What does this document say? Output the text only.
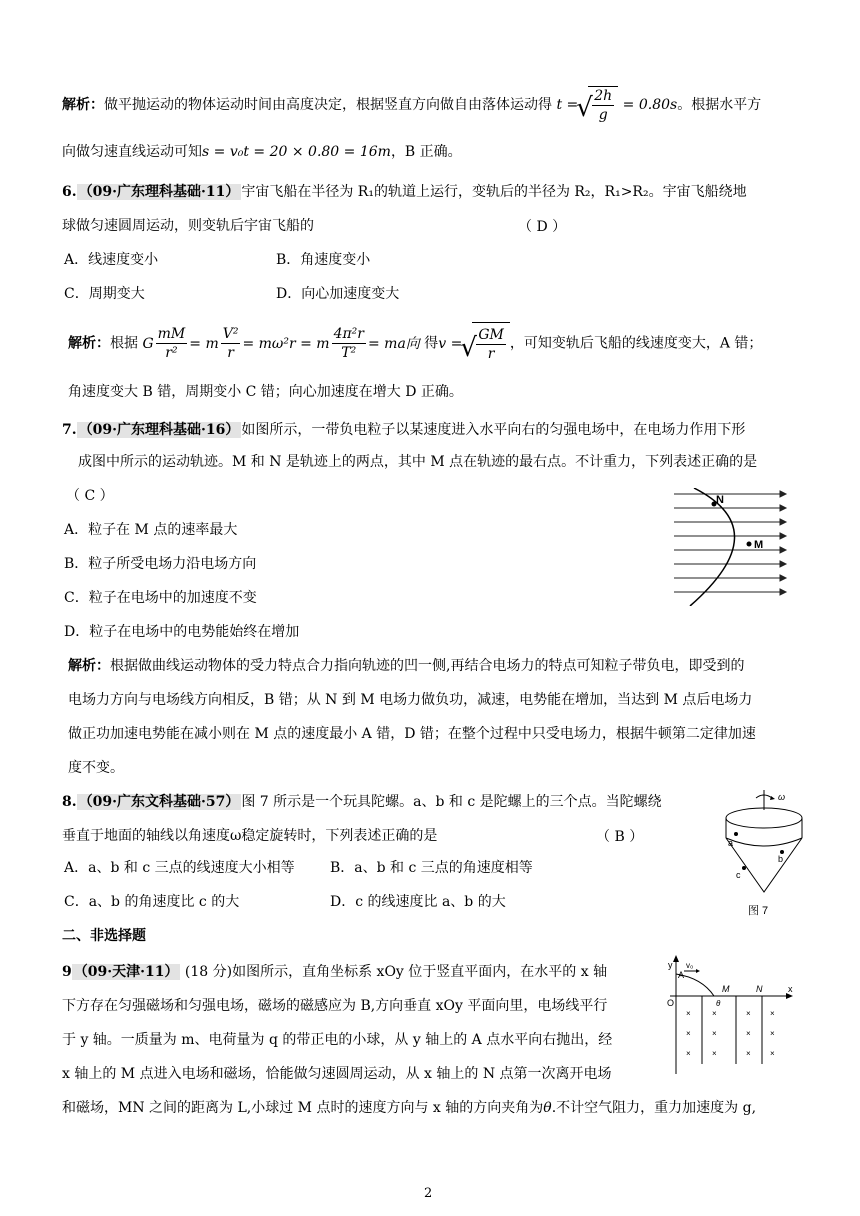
解析：做平抛运动的物体运动时间由高度决定，根据竖直方向做自由落体运动得 t = √ $\frac{2h}{g} = 0.80s$。根据水平方
向做匀速直线运动可知s = v₀t = 20 × 0.80 = 16m，B 正确。
6. （09·广东理科基础·11） 宇宙飞船在半径为 R₁的轨道上运行，变轨后的半径为 R₂，R₁>R₂。宇宙飞船绕地
球做匀速圆周运动，则变轨后宇宙飞船的	（ D ）
A．线速度变小	B．角速度变小
C．周期变大	D．向心加速度变大
解析：根据 G $\frac{mM}{\text{r²}} = m \frac{\text{V²}}{r} = m\omega^2r = m \frac{\text{4π²r}}{\text{T²}}$ = ma向 得v = √ $\frac{GM}{r}$ ，可知变轨后飞船的线速度变大，A 错；
角速度变大 B 错，周期变小 C 错；向心加速度在增大 D 正确。
7. （09·广东理科基础·16） 如图所示，一带负电粒子以某速度进入水平向右的匀强电场中，在电场力作用下形
成图中所示的运动轨迹。M 和 N 是轨迹上的两点，其中 M 点在轨迹的最右点。不计重力，下列表述正确的是
（ C ）
A．粒子在 M 点的速率最大
B．粒子所受电场力沿电场方向
C．粒子在电场中的加速度不变
D．粒子在电场中的电势能始终在增加
N
M
解析：根据做曲线运动物体的受力特点合力指向轨迹的凹一侧,再结合电场力的特点可知粒子带负电，即受到的
电场力方向与电场线方向相反，B 错；从 N 到 M 电场力做负功，减速，电势能在增加，当达到 M 点后电场力
做正功加速电势能在减小则在 M 点的速度最小 A 错，D 错；在整个过程中只受电场力，根据牛顿第二定律加速
度不变。
8. （09·广东文科基础·57） 图 7 所示是一个玩具陀螺。a、b 和 c 是陀螺上的三个点。当陀螺绕
垂直于地面的轴线以角速度ω稳定旋转时，下列表述正确的是	（ B ）
A．a、b 和 c 三点的线速度大小相等	B．a、b 和 c 三点的角速度相等
C．a、b 的角速度比 c 的大	D．c 的线速度比 a、b 的大
ω
a
b
c
图 7
二、非选择题
9 （09·天津·11） (18 分)如图所示，直角坐标系 xOy 位于竖直平面内，在水平的 x 轴
下方存在匀强磁场和匀强电场，磁场的磁感应为 B,方向垂直 xOy 平面向里，电场线平行
于 y 轴。一质量为 m、电荷量为 q 的带正电的小球，从 y 轴上的 A 点水平向右抛出，经
x 轴上的 M 点进入电场和磁场，恰能做匀速圆周运动，从 x 轴上的 N 点第一次离开电场
和磁场，MN 之间的距离为 L,小球过 M 点时的速度方向与 x 轴的方向夹角为θ.不计空气阻力，重力加速度为 g,
y
x
O
A
v₀
M	N
θ
×	×	× ×
×	×	× ×
×	×	× ×
2
